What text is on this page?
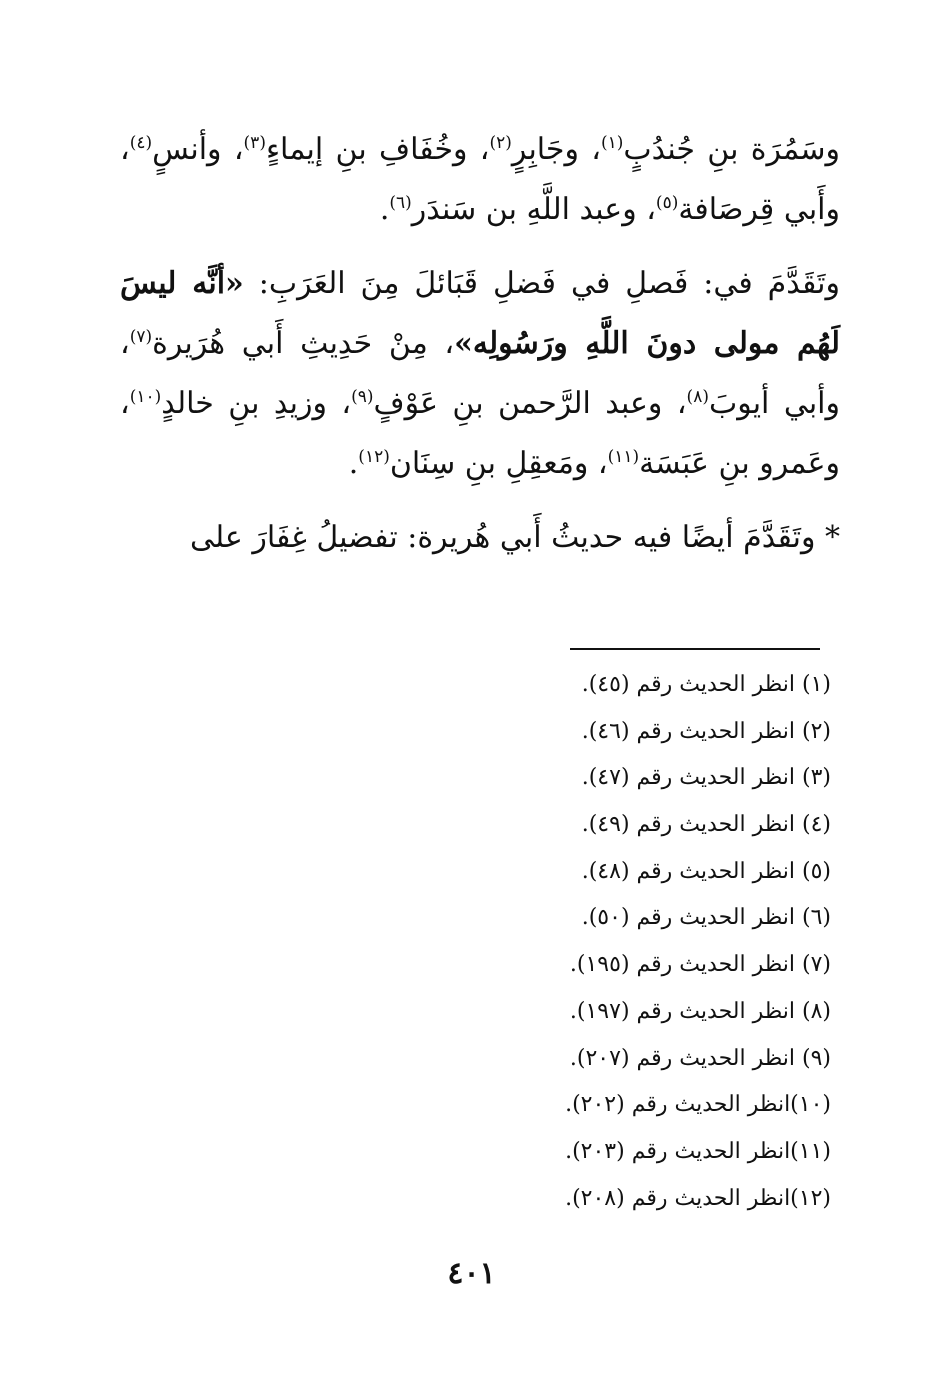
وسَمُرَة بنِ جُندُبٍ$^{(١)}$، وجَابِرٍ$^{(٢)}$، وخُفَافِ بنِ إيماءٍ$^{(٣)}$، وأنسٍ$^{(٤)}$، وأَبي قِرصَافة$^{(٥)}$، وعبد اللَّهِ بن سَندَر$^{(٦)}$.

وتَقَدَّمَ في: فَصلِ في فَضلِ قَبَائلَ مِنَ العَرَبِ: «أنَّه ليسَ لَهُم مولى دونَ اللَّهِ ورَسُولِه»، مِنْ حَدِيثِ أَبي هُرَيرة$^{(٧)}$، وأبي أيوبَ$^{(٨)}$، وعبد الرَّحمن بنِ عَوْفٍ$^{(٩)}$، وزيدِ بنِ خالدٍ$^{(١٠)}$، وعَمرو بنِ عَبَسَة$^{(١١)}$، ومَعقِلِ بنِ سِنَان$^{(١٢)}$.

* وتَقَدَّمَ أيضًا فيه حديثُ أَبي هُريرة: تفضيلُ غِفَارَ على

(١) انظر الحديث رقم (٤٥).
(٢) انظر الحديث رقم (٤٦).
(٣) انظر الحديث رقم (٤٧).
(٤) انظر الحديث رقم (٤٩).
(٥) انظر الحديث رقم (٤٨).
(٦) انظر الحديث رقم (٥٠).
(٧) انظر الحديث رقم (١٩٥).
(٨) انظر الحديث رقم (١٩٧).
(٩) انظر الحديث رقم (٢٠٧).
(١٠)انظر الحديث رقم (٢٠٢).
(١١)انظر الحديث رقم (٢٠٣).
(١٢)انظر الحديث رقم (٢٠٨).
٤٠١
